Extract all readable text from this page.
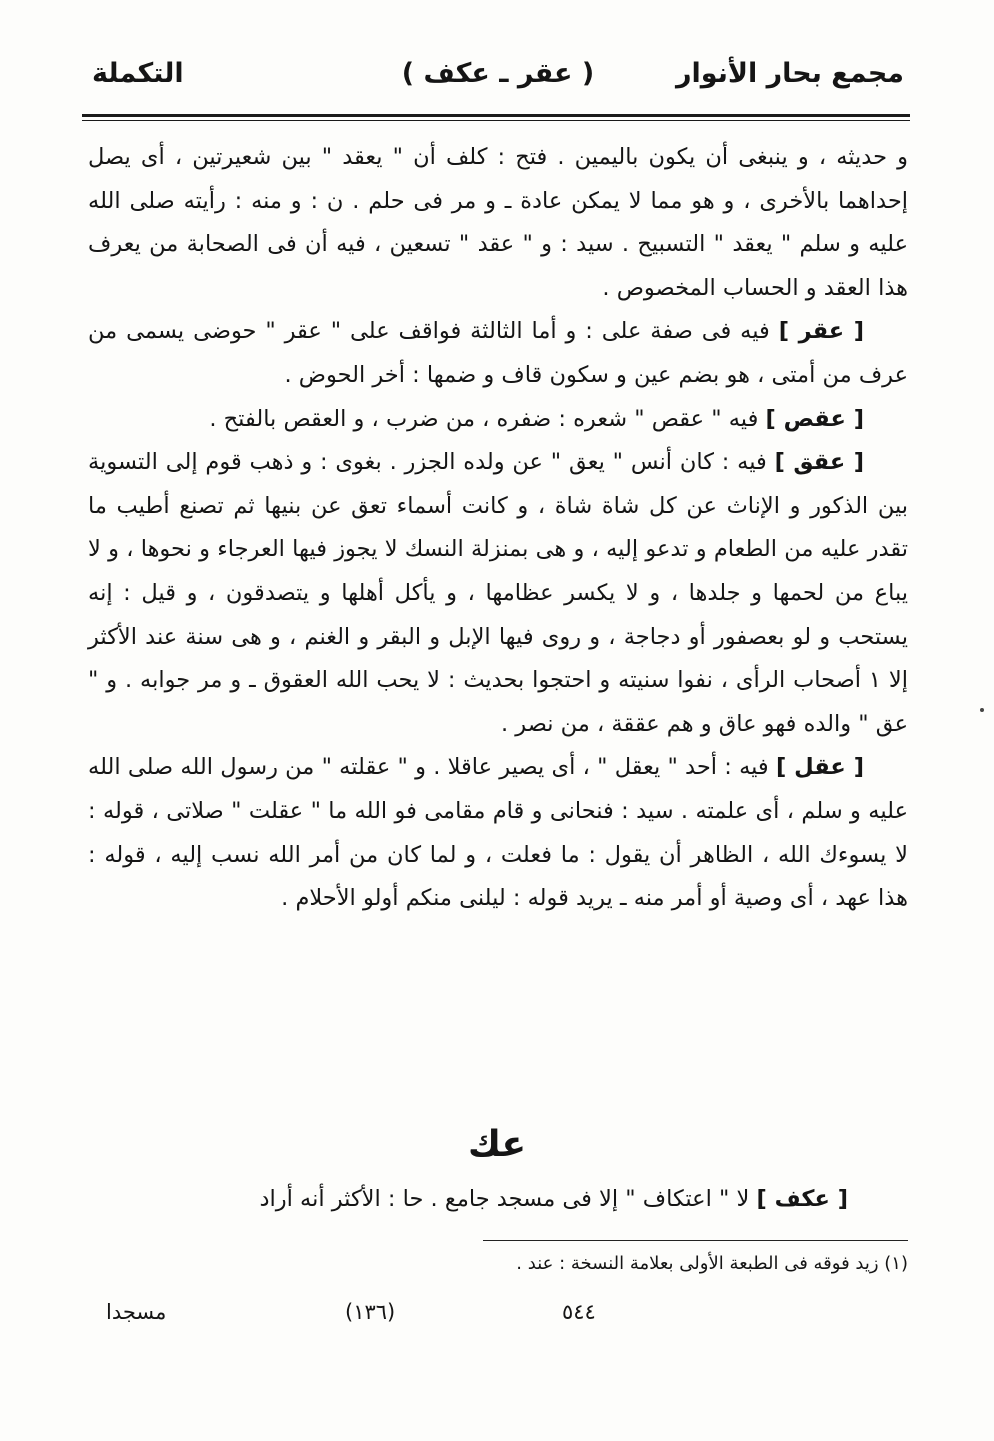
مجمع بحار الأنوار
( عقر ـ عكف )
التكملة

و حديثه ، و ينبغى أن يكون باليمين . فتح : كلف أن " يعقد " بين شعيرتين ، أى يصل إحداهما بالأخرى ، و هو مما لا يمكن عادة ـ و مر فى حلم . ن : و منه : رأيته صلى الله عليه و سلم " يعقد " التسبيح . سيد : و " عقد " تسعين ، فيه أن فى الصحابة من يعرف هذا العقد و الحساب المخصوص .

[ عقر ] فيه فى صفة على : و أما الثالثة فواقف على " عقر " حوضى يسمى من عرف من أمتى ، هو بضم عين و سكون قاف و ضمها : أخر الحوض .

[ عقص ] فيه " عقص " شعره : ضفره ، من ضرب ، و العقص بالفتح .

[ عقق ] فيه : كان أنس " يعق " عن ولده الجزر . بغوى : و ذهب قوم إلى التسوية بين الذكور و الإناث عن كل شاة شاة ، و كانت أسماء تعق عن بنيها ثم تصنع أطيب ما تقدر عليه من الطعام و تدعو إليه ، و هى بمنزلة النسك لا يجوز فيها العرجاء و نحوها ، و لا يباع من لحمها و جلدها ، و لا يكسر عظامها ، و يأكل أهلها و يتصدقون ، و قيل : إنه يستحب و لو بعصفور أو دجاجة ، و روى فيها الإبل و البقر و الغنم ، و هى سنة عند الأكثر إلا ١ أصحاب الرأى ، نفوا سنيته و احتجوا بحديث : لا يحب الله العقوق ـ و مر جوابه . و " عق " والده فهو عاق و هم عققة ، من نصر .

[ عقل ] فيه : أحد " يعقل " ، أى يصير عاقلا . و " عقلته " من رسول الله صلى الله عليه و سلم ، أى علمته . سيد : فنحانى و قام مقامى فو الله ما " عقلت " صلاتى ، قوله : لا يسوءك الله ، الظاهر أن يقول : ما فعلت ، و لما كان من أمر الله نسب إليه ، قوله : هذا عهد ، أى وصية أو أمر منه ـ يريد قوله : ليلنى منكم أولو الأحلام .

عك
[ عكف ] لا " اعتكاف " إلا فى مسجد جامع . حا : الأكثر أنه أراد
(١) زيد فوقه فى الطبعة الأولى بعلامة النسخة : عند .
٥٤٤
(١٣٦)
مسجدا
